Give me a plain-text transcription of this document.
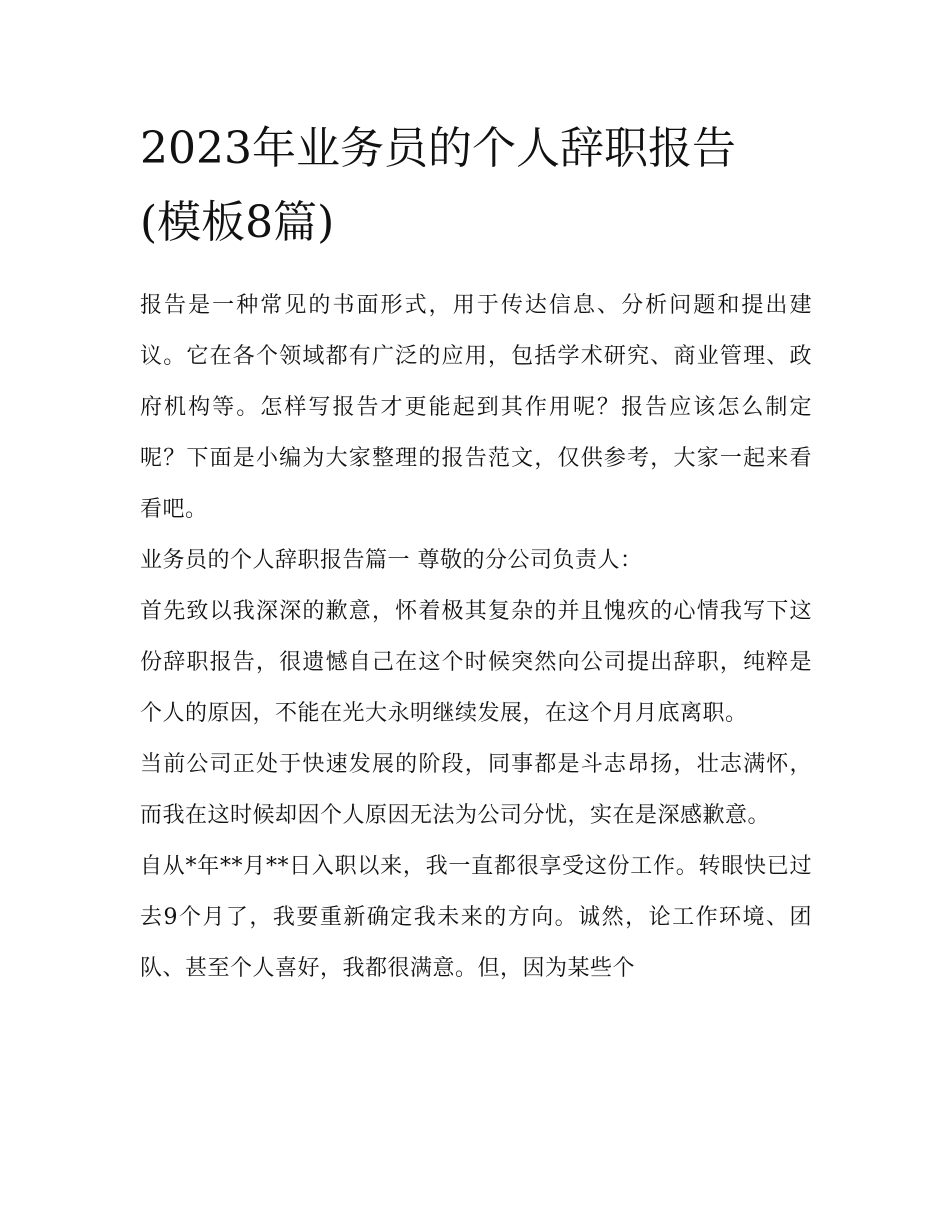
2023年业务员的个人辞职报告
(模板8篇)

报告是一种常见的书面形式，用于传达信息、分析问题和提出建议。它在各个领域都有广泛的应用，包括学术研究、商业管理、政府机构等。怎样写报告才更能起到其作用呢？报告应该怎么制定呢？下面是小编为大家整理的报告范文，仅供参考，大家一起来看看吧。

业务员的个人辞职报告篇一 尊敬的分公司负责人：

首先致以我深深的歉意，怀着极其复杂的并且愧疚的心情我写下这份辞职报告，很遗憾自己在这个时候突然向公司提出辞职，纯粹是个人的原因，不能在光大永明继续发展，在这个月月底离职。

当前公司正处于快速发展的阶段，同事都是斗志昂扬，壮志满怀，而我在这时候却因个人原因无法为公司分忧，实在是深感歉意。

自从*年**月**日入职以来，我一直都很享受这份工作。转眼快已过去9个月了，我要重新确定我未来的方向。诚然，论工作环境、团队、甚至个人喜好，我都很满意。但，因为某些个
